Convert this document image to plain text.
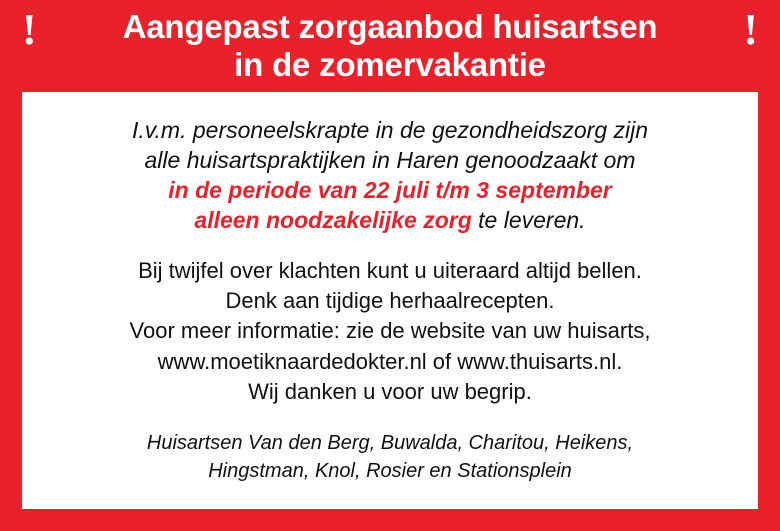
!	!
Aangepast zorgaanbod huisartsen
in de zomervakantie
I.v.m. personeelskrapte in de gezondheidszorg zijn
alle huisartspraktijken in Haren genoodzaakt om
in de periode van 22 juli t/m 3 september
alleen noodzakelijke zorg te leveren.
Bij twijfel over klachten kunt u uiteraard altijd bellen.
Denk aan tijdige herhaalrecepten.
Voor meer informatie: zie de website van uw huisarts,
www.moetiknaardedokter.nl of www.thuisarts.nl.
Wij danken u voor uw begrip.
Huisartsen Van den Berg, Buwalda, Charitou, Heikens,
Hingstman, Knol, Rosier en Stationsplein
